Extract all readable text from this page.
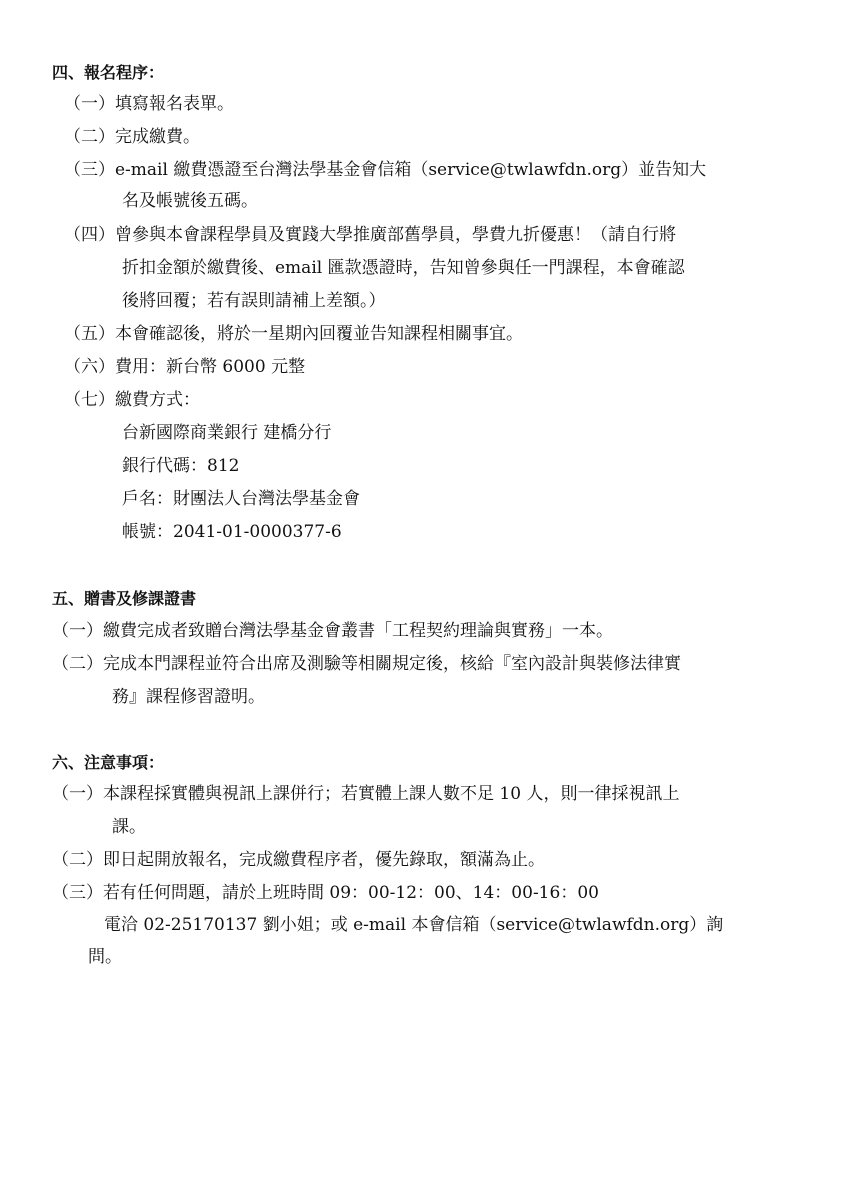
四、報名程序：
（一）填寫報名表單。
（二）完成繳費。
（三）e-mail 繳費憑證至台灣法學基金會信箱（service@twlawfdn.org）並告知大
名及帳號後五碼。
（四）曾參與本會課程學員及實踐大學推廣部舊學員，學費九折優惠！（請自行將
折扣金額於繳費後、email 匯款憑證時，告知曾參與任一門課程，本會確認
後將回覆；若有誤則請補上差額。）
（五）本會確認後，將於一星期內回覆並告知課程相關事宜。
（六）費用：新台幣 6000 元整
（七）繳費方式：
台新國際商業銀行 建橋分行
銀行代碼：812
戶名：財團法人台灣法學基金會
帳號：2041-01-0000377-6
五、贈書及修課證書
（一）繳費完成者致贈台灣法學基金會叢書「工程契約理論與實務」一本。
（二）完成本門課程並符合出席及測驗等相關規定後，核給『室內設計與裝修法律實
務』課程修習證明。
六、注意事項：
（一）本課程採實體與視訊上課併行；若實體上課人數不足 10 人，則一律採視訊上
課。
（二）即日起開放報名，完成繳費程序者，優先錄取，額滿為止。
（三）若有任何問題，請於上班時間 09：00-12：00、14：00-16：00
電洽 02-25170137 劉小姐；或 e-mail 本會信箱（service@twlawfdn.org）詢
問。
